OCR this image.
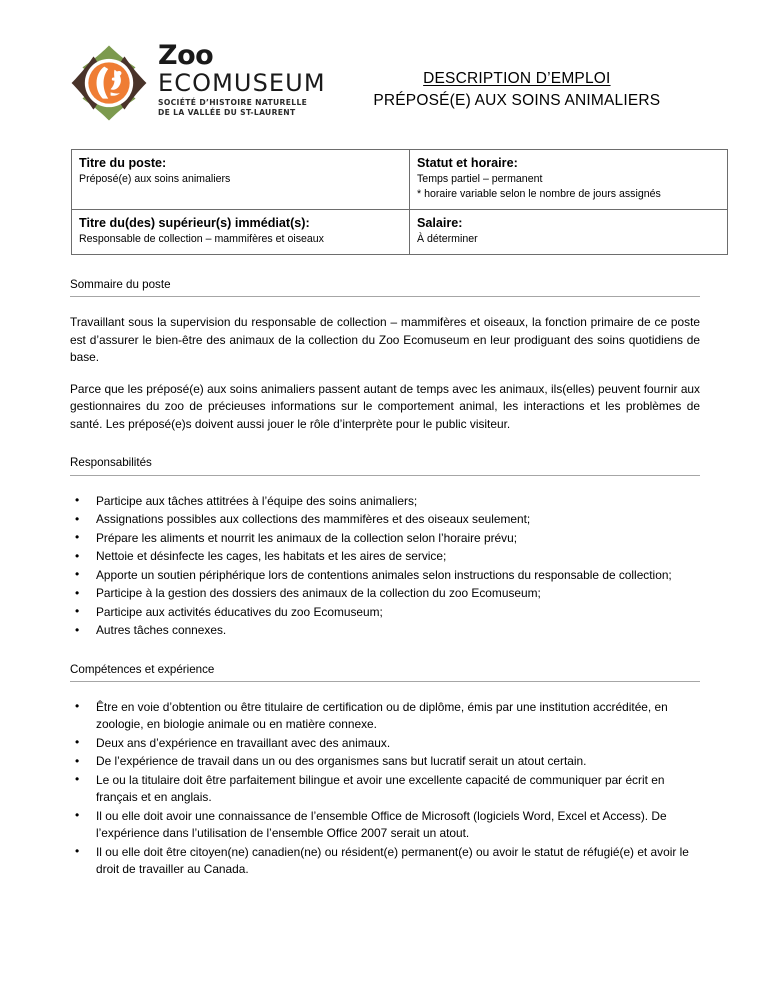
Zoo
ECOMUSEUM
SOCIÉTÉ D’HISTOIRE NATURELLE
DE LA VALLÉE DU ST-LAURENT
DESCRIPTION D’EMPLOI
PRÉPOSÉ(E) AUX SOINS ANIMALIERS
Titre du poste:
Préposé(e) aux soins animaliers

Statut et horaire:
Temps partiel – permanent
* horaire variable selon le nombre de jours assignés

Titre du(des) supérieur(s) immédiat(s):
Responsable de collection – mammifères et oiseaux

Salaire:
À déterminer
Sommaire du poste

Travaillant sous la supervision du responsable de collection – mammifères et oiseaux, la fonction primaire de ce poste est d’assurer le bien-être des animaux de la collection du Zoo Ecomuseum en leur prodiguant des soins quotidiens de base.

Parce que les préposé(e) aux soins animaliers passent autant de temps avec les animaux, ils(elles) peuvent fournir aux gestionnaires du zoo de précieuses informations sur le comportement animal, les interactions et les problèmes de santé. Les préposé(e)s doivent aussi jouer le rôle d’interprète pour le public visiteur.

Responsabilités
• Participe aux tâches attitrées à l’équipe des soins animaliers;
• Assignations possibles aux collections des mammifères et des oiseaux seulement;
• Prépare les aliments et nourrit les animaux de la collection selon l’horaire prévu;
• Nettoie et désinfecte les cages, les habitats et les aires de service;
• Apporte un soutien périphérique lors de contentions animales selon instructions du responsable de collection;
• Participe à la gestion des dossiers des animaux de la collection du zoo Ecomuseum;
• Participe aux activités éducatives du zoo Ecomuseum;
• Autres tâches connexes.
Compétences et expérience
• Être en voie d’obtention ou être titulaire de certification ou de diplôme, émis par une institution accréditée, en zoologie, en biologie animale ou en matière connexe.
• Deux ans d’expérience en travaillant avec des animaux.
• De l’expérience de travail dans un ou des organismes sans but lucratif serait un atout certain.
• Le ou la titulaire doit être parfaitement bilingue et avoir une excellente capacité de communiquer par écrit en français et en anglais.
• Il ou elle doit avoir une connaissance de l’ensemble Office de Microsoft (logiciels Word, Excel et Access). De l’expérience dans l’utilisation de l’ensemble Office 2007 serait un atout.
• Il ou elle doit être citoyen(ne) canadien(ne) ou résident(e) permanent(e) ou avoir le statut de réfugié(e) et avoir le droit de travailler au Canada.
